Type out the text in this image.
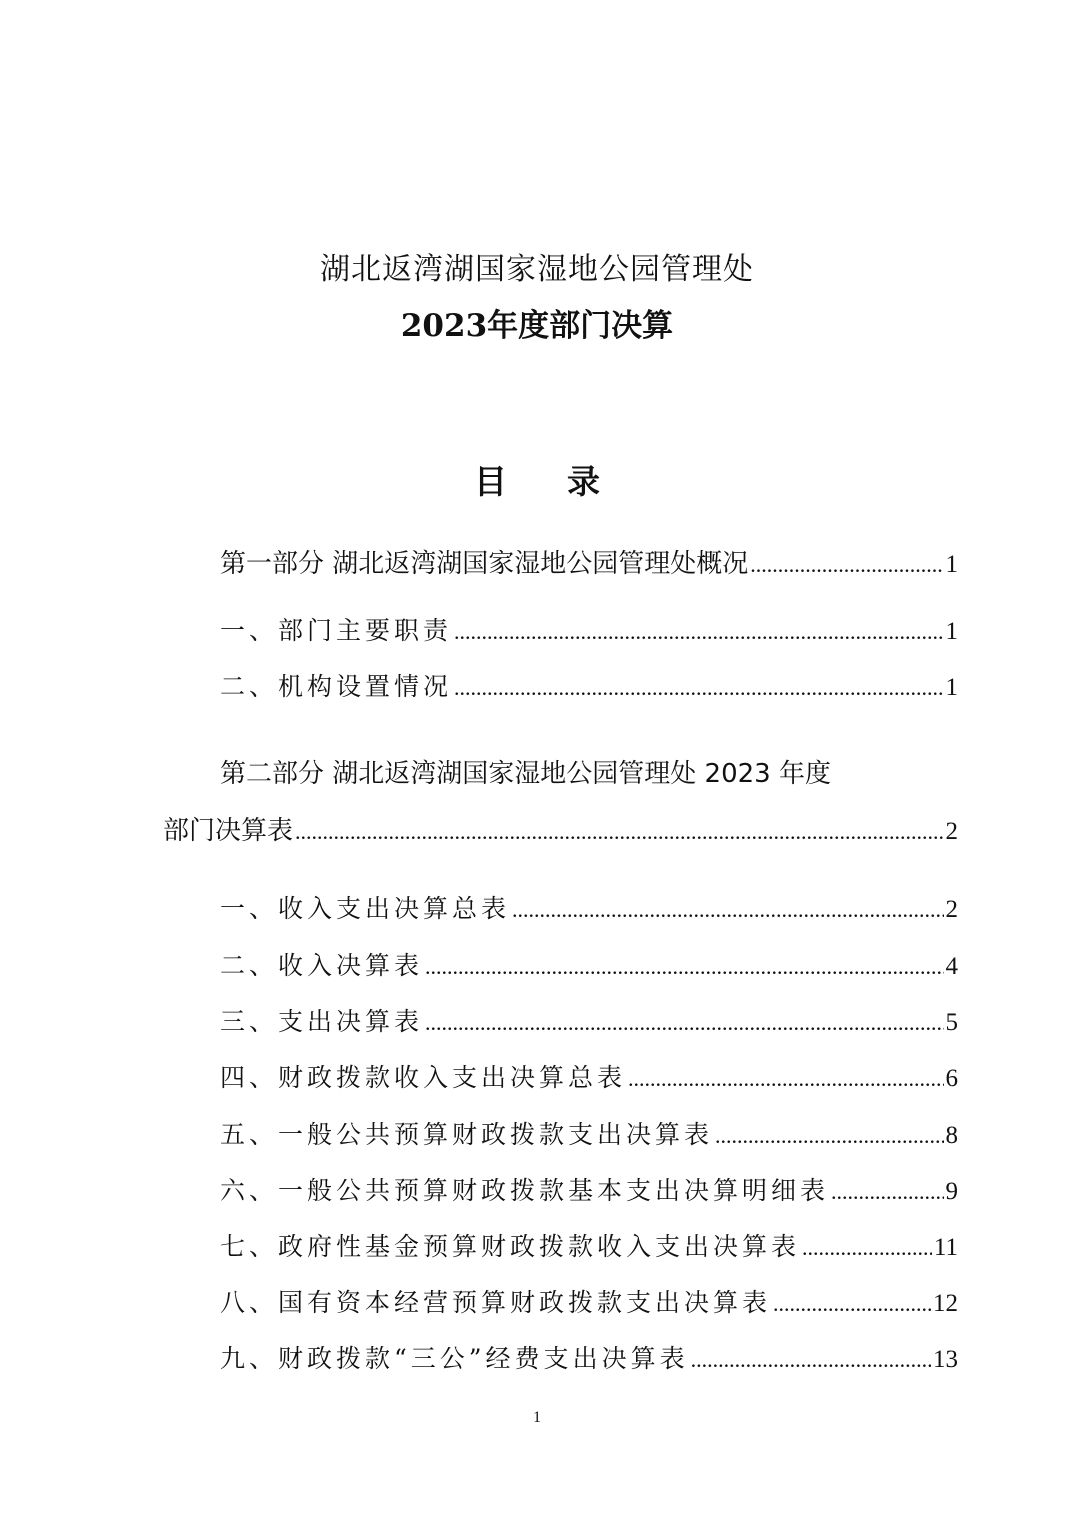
湖北返湾湖国家湿地公园管理处
2023年度部门决算
目录
第一部分 湖北返湾湖国家湿地公园管理处概况 .....	1
一、部门主要职责 .....	1
二、机构设置情况 .....	1
第二部分 湖北返湾湖国家湿地公园管理处 2023 年度
部门决算表 .....	2
一、收入支出决算总表 .....	2
二、收入决算表 .....	4
三、支出决算表 .....	5
四、财政拨款收入支出决算总表 .....	6
五、一般公共预算财政拨款支出决算表 .....	8
六、一般公共预算财政拨款基本支出决算明细表 .....	9
七、政府性基金预算财政拨款收入支出决算表 .....	11
八、国有资本经营预算财政拨款支出决算表 .....	12
九、财政拨款“三公”经费支出决算表 .....	13
1
